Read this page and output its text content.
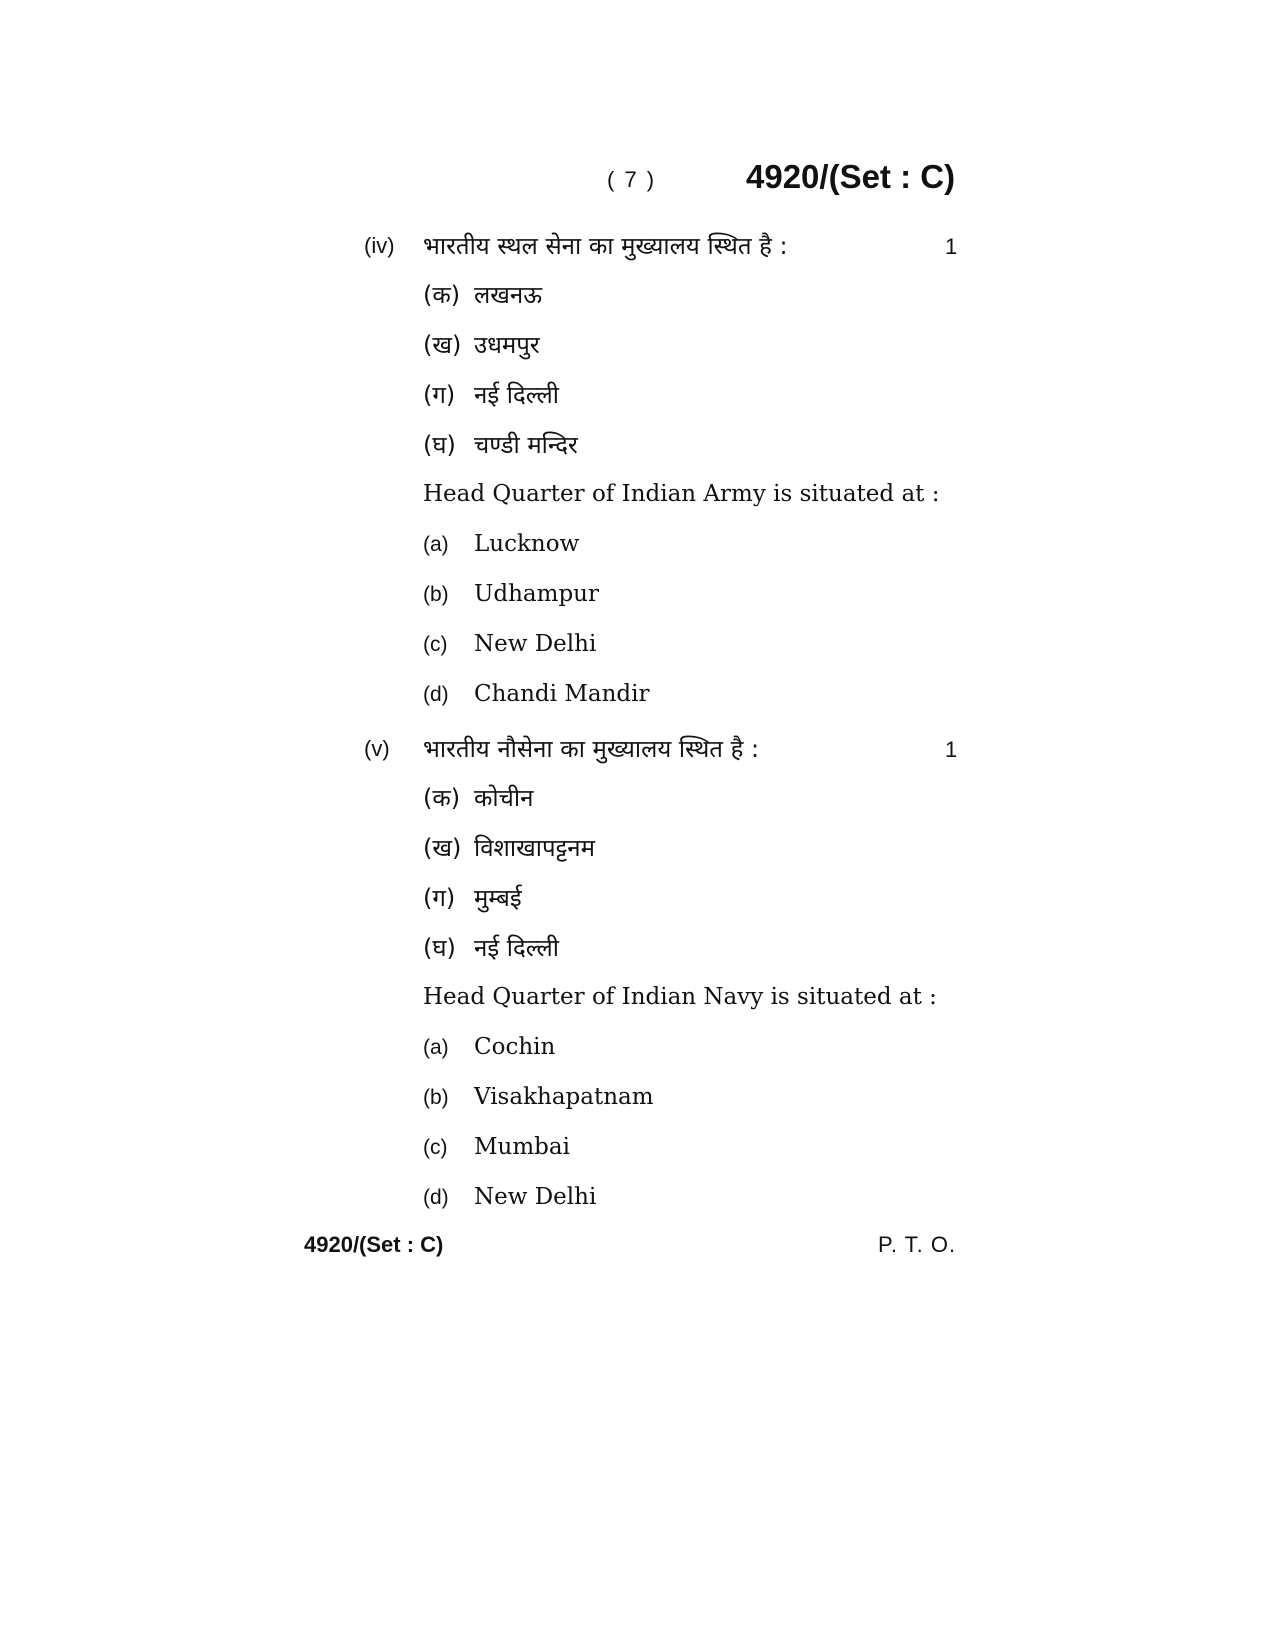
( 7 )	4920/(Set : C)
(iv) भारतीय स्थल सेना का मुख्यालय स्थित है :	1
(क) लखनऊ
(ख) उधमपुर
(ग) नई दिल्ली
(घ) चण्डी मन्दिर
Head Quarter of Indian Army is situated at :
(a) Lucknow
(b) Udhampur
(c) New Delhi
(d) Chandi Mandir
(v) भारतीय नौसेना का मुख्यालय स्थित है :	1
(क) कोचीन
(ख) विशाखापट्टनम
(ग) मुम्बई
(घ) नई दिल्ली
Head Quarter of Indian Navy is situated at :
(a) Cochin
(b) Visakhapatnam
(c) Mumbai
(d) New Delhi
4920/(Set : C)	P. T. O.
